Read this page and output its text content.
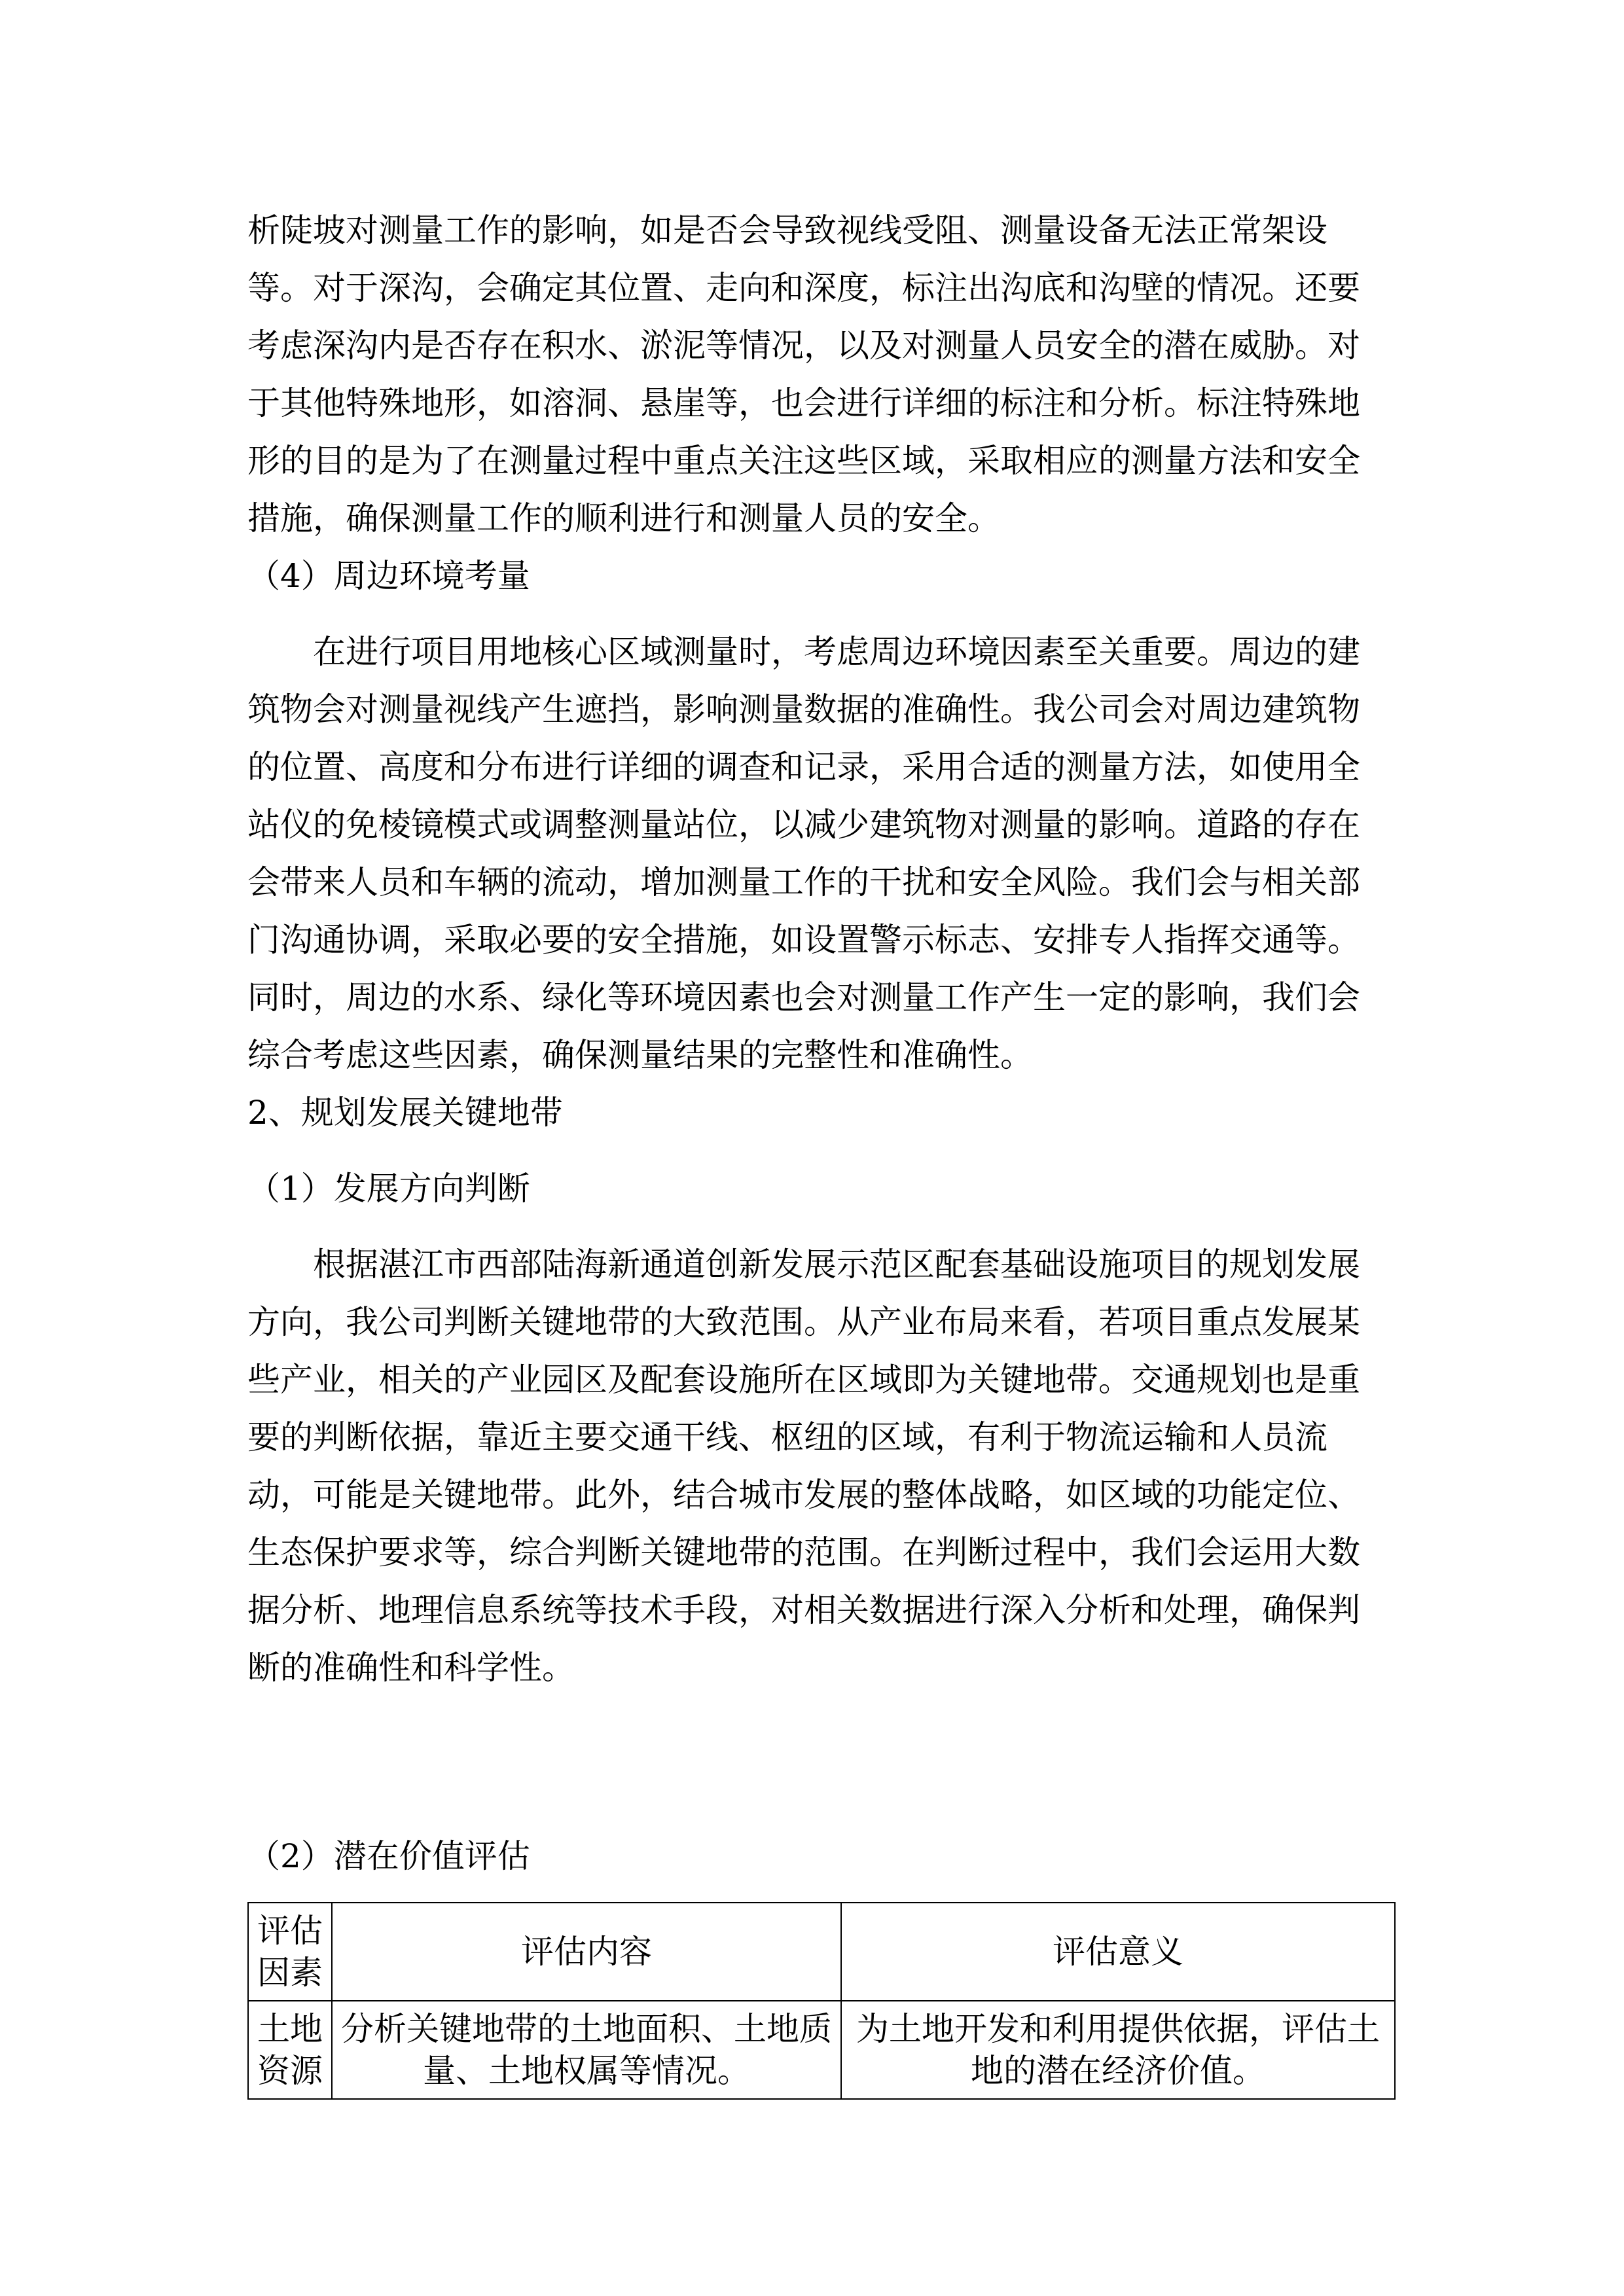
析陡坡对测量工作的影响，如是否会导致视线受阻、测量设备无法正常架设
等。对于深沟，会确定其位置、走向和深度，标注出沟底和沟壁的情况。还要
考虑深沟内是否存在积水、淤泥等情况，以及对测量人员安全的潜在威胁。对
于其他特殊地形，如溶洞、悬崖等，也会进行详细的标注和分析。标注特殊地
形的目的是为了在测量过程中重点关注这些区域，采取相应的测量方法和安全
措施，确保测量工作的顺利进行和测量人员的安全。
（4）周边环境考量
在进行项目用地核心区域测量时，考虑周边环境因素至关重要。周边的建
筑物会对测量视线产生遮挡，影响测量数据的准确性。我公司会对周边建筑物
的位置、高度和分布进行详细的调查和记录，采用合适的测量方法，如使用全
站仪的免棱镜模式或调整测量站位，以减少建筑物对测量的影响。道路的存在
会带来人员和车辆的流动，增加测量工作的干扰和安全风险。我们会与相关部
门沟通协调，采取必要的安全措施，如设置警示标志、安排专人指挥交通等。
同时，周边的水系、绿化等环境因素也会对测量工作产生一定的影响，我们会
综合考虑这些因素，确保测量结果的完整性和准确性。
2、规划发展关键地带
（1）发展方向判断
根据湛江市西部陆海新通道创新发展示范区配套基础设施项目的规划发展
方向，我公司判断关键地带的大致范围。从产业布局来看，若项目重点发展某
些产业，相关的产业园区及配套设施所在区域即为关键地带。交通规划也是重
要的判断依据，靠近主要交通干线、枢纽的区域，有利于物流运输和人员流
动，可能是关键地带。此外，结合城市发展的整体战略，如区域的功能定位、
生态保护要求等，综合判断关键地带的范围。在判断过程中，我们会运用大数
据分析、地理信息系统等技术手段，对相关数据进行深入分析和处理，确保判
断的准确性和科学性。
（2）潜在价值评估
评估
因素	评估内容	评估意义
土地
资源	分析关键地带的土地面积、土地质
量、土地权属等情况。	为土地开发和利用提供依据，评估土
地的潜在经济价值。
